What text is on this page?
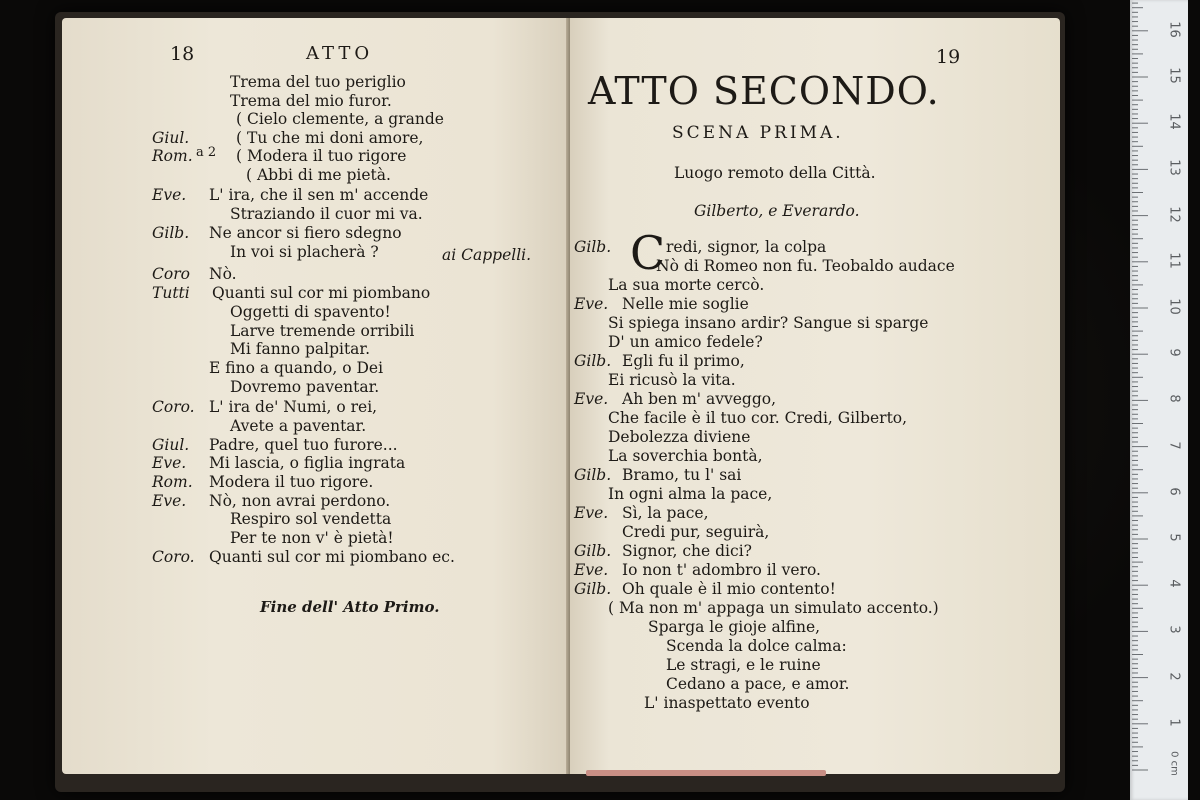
18	ATTO
Trema del tuo periglio
Trema del mio furor.
( Cielo clemente, a grande
Giul.	( Tu che mi doni amore,
Rom.	( Modera il tuo rigore
( Abbi di me pietà.
Eve. L' ira, che il sen m' accende
Straziando il cuor mi va.
Gilb. Ne ancor si fiero sdegno
In voi si placherà ?
Coro Nò.
Tutti Quanti sul cor mi piombano
Oggetti di spavento!
Larve tremende orribili
Mi fanno palpitar.
E fino a quando, o Dei
Dovremo paventar.
Coro. L' ira de' Numi, o rei,
Avete a paventar.
Giul. Padre, quel tuo furore...
Eve. Mi lascia, o figlia ingrata
Rom. Modera il tuo rigore.
Eve. Nò, non avrai perdono.
Respiro sol vendetta
Per te non v' è pietà!
Coro. Quanti sul cor mi piombano ec.
a 2
ai Cappelli.
Fine dell' Atto Primo.
19
ATTO SECONDO.
SCENA PRIMA.
Luogo remoto della Città.
Gilberto, e Everardo.
C
Gilb.	redi, signor, la colpa
Nò di Romeo non fu. Teobaldo audace
La sua morte cercò.
Eve. Nelle mie soglie
Si spiega insano ardir? Sangue si sparge
D' un amico fedele?
Gilb. Egli fu il primo,
Ei ricusò la vita.
Eve. Ah ben m' avveggo,
Che facile è il tuo cor. Credi, Gilberto,
Debolezza diviene
La soverchia bontà,
Gilb. Bramo, tu l' sai
In ogni alma la pace,
Eve. Sì, la pace,
Credi pur, seguirà,
Gilb. Signor, che dici?
Eve. Io non t' adombro il vero.
Gilb. Oh quale è il mio contento!
( Ma non m' appaga un simulato accento.)
Sparga le gioje alfine,
Scenda la dolce calma:
Le stragi, e le ruine
Cedano a pace, e amor.
L' inaspettato evento
0 cm
1
2
3
4
5
6
7
8
9
10
11
12
13
14
15
16
